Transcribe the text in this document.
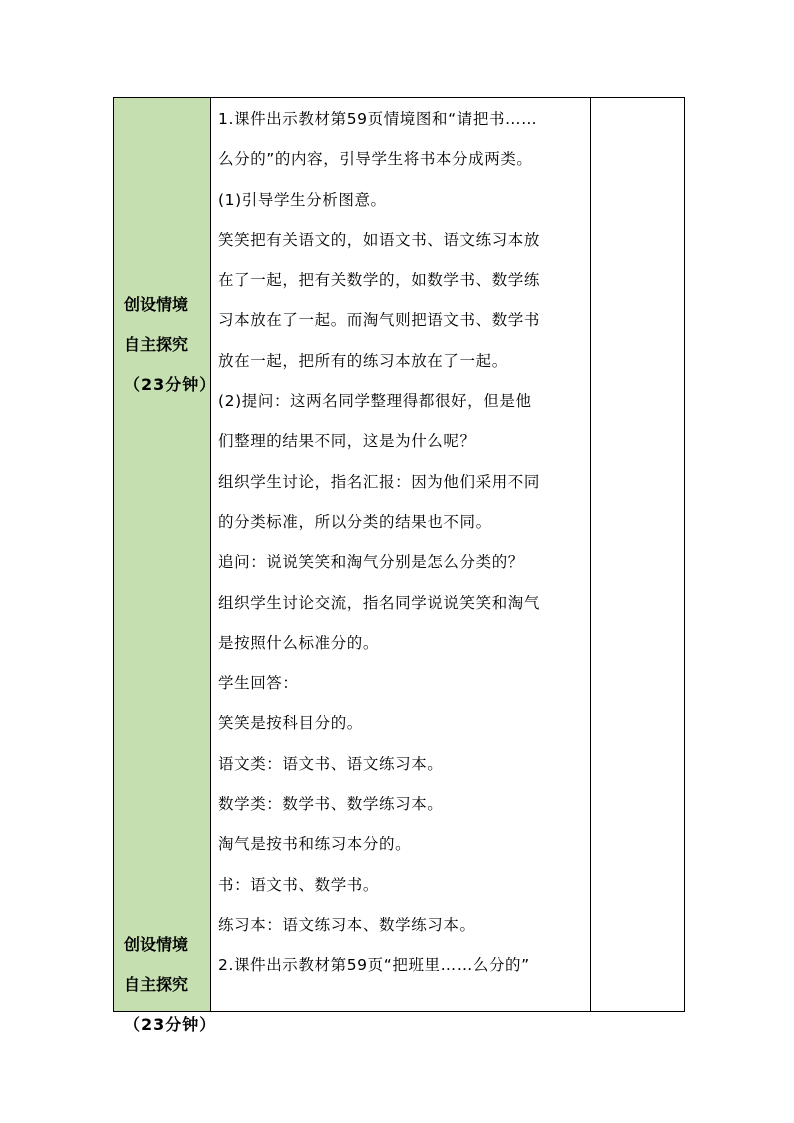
创设情境
自主探究
（23分钟）
创设情境
自主探究
（23分钟）
1.课件出示教材第59页情境图和“请把书……
么分的”的内容，引导学生将书本分成两类。
(1)引导学生分析图意。
笑笑把有关语文的，如语文书、语文练习本放
在了一起，把有关数学的，如数学书、数学练
习本放在了一起。而淘气则把语文书、数学书
放在一起，把所有的练习本放在了一起。
(2)提问：这两名同学整理得都很好，但是他
们整理的结果不同，这是为什么呢？
组织学生讨论，指名汇报：因为他们采用不同
的分类标准，所以分类的结果也不同。
追问：说说笑笑和淘气分别是怎么分类的？
组织学生讨论交流，指名同学说说笑笑和淘气
是按照什么标准分的。
学生回答：
笑笑是按科目分的。
语文类：语文书、语文练习本。
数学类：数学书、数学练习本。
淘气是按书和练习本分的。
书：语文书、数学书。
练习本：语文练习本、数学练习本。
2.课件出示教材第59页“把班里……么分的”
